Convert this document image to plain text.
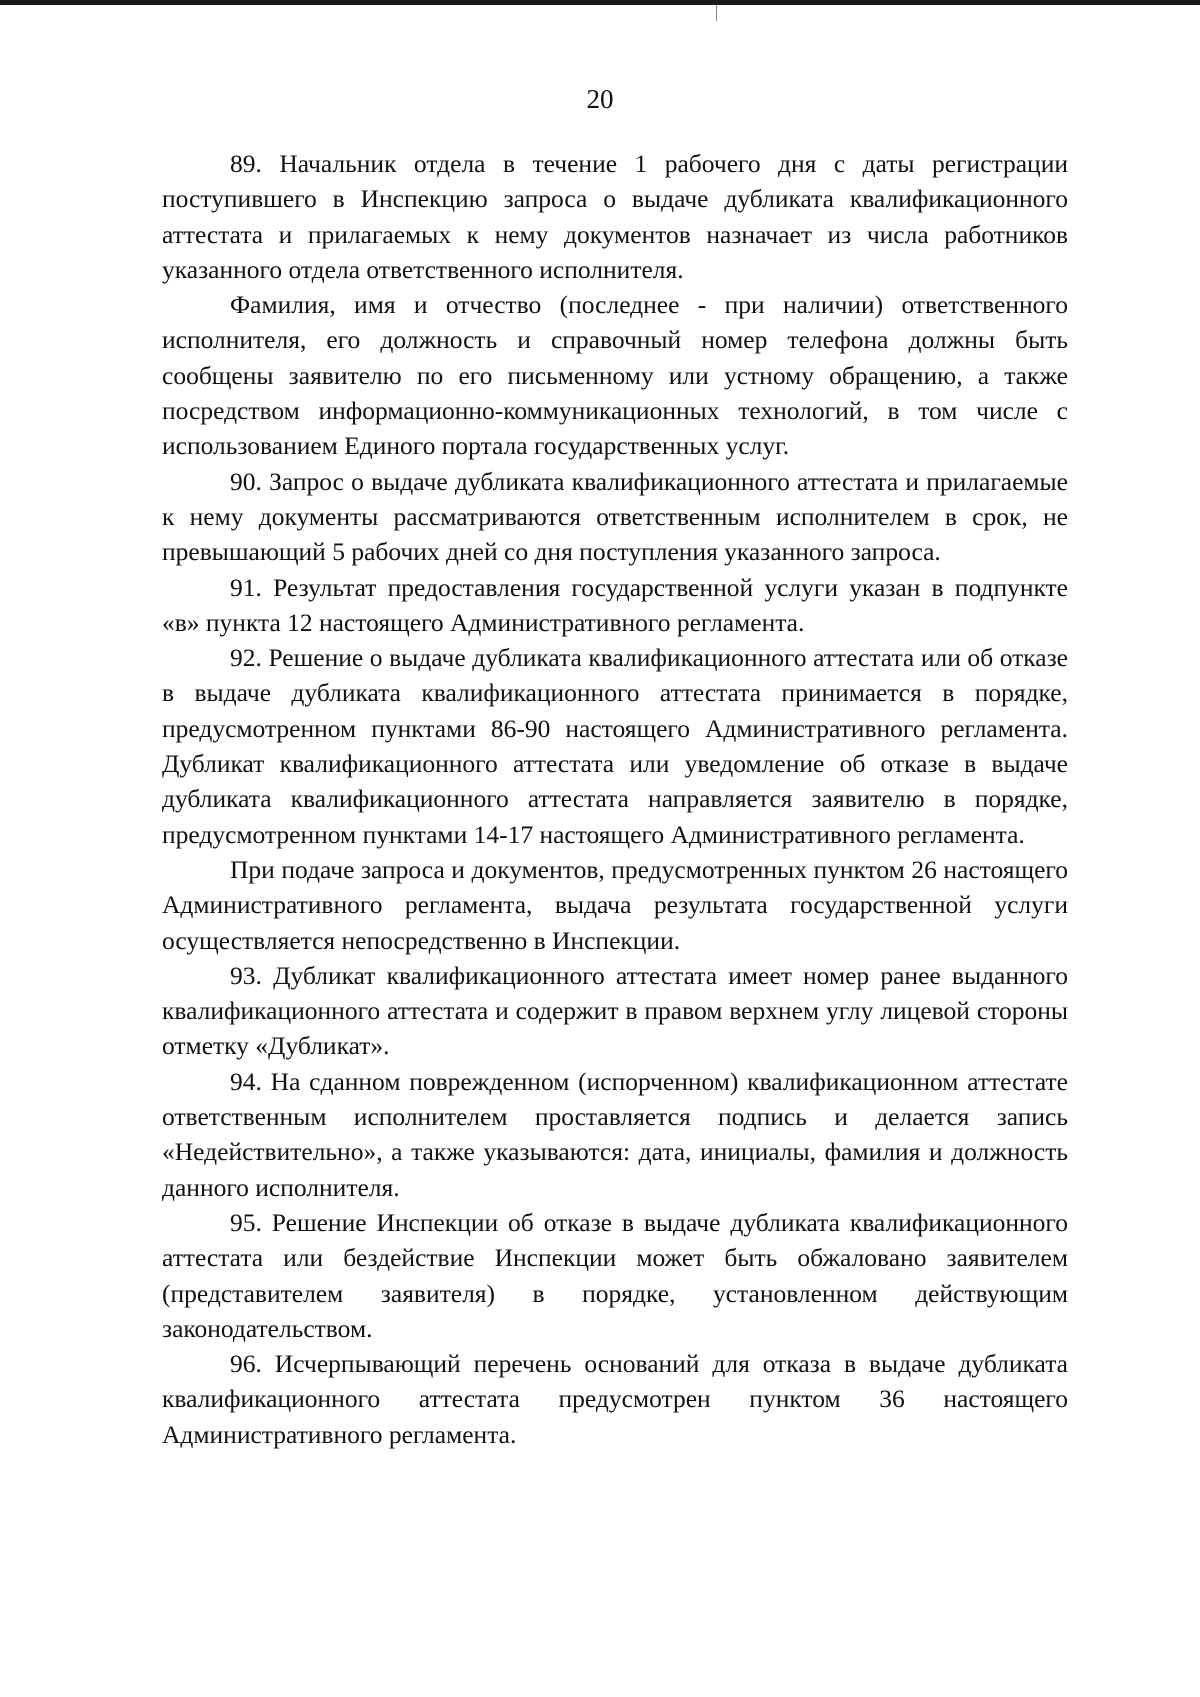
20

89. Начальник отдела в течение 1 рабочего дня с даты регистрации поступившего в Инспекцию запроса о выдаче дубликата квалификационного аттестата и прилагаемых к нему документов назначает из числа работников указанного отдела ответственного исполнителя.

Фамилия, имя и отчество (последнее - при наличии) ответственного исполнителя, его должность и справочный номер телефона должны быть сообщены заявителю по его письменному или устному обращению, а также посредством информационно-коммуникационных технологий, в том числе с использованием Единого портала государственных услуг.

90. Запрос о выдаче дубликата квалификационного аттестата и прилагаемые к нему документы рассматриваются ответственным исполнителем в срок, не превышающий 5 рабочих дней со дня поступления указанного запроса.

91. Результат предоставления государственной услуги указан в подпункте «в» пункта 12 настоящего Административного регламента.

92. Решение о выдаче дубликата квалификационного аттестата или об отказе в выдаче дубликата квалификационного аттестата принимается в порядке, предусмотренном пунктами 86-90 настоящего Административного регламента. Дубликат квалификационного аттестата или уведомление об отказе в выдаче дубликата квалификационного аттестата направляется заявителю в порядке, предусмотренном пунктами 14-17 настоящего Административного регламента.

При подаче запроса и документов, предусмотренных пунктом 26 настоящего Административного регламента, выдача результата государственной услуги осуществляется непосредственно в Инспекции.

93. Дубликат квалификационного аттестата имеет номер ранее выданного квалификационного аттестата и содержит в правом верхнем углу лицевой стороны отметку «Дубликат».

94. На сданном поврежденном (испорченном) квалификационном аттестате ответственным исполнителем проставляется подпись и делается запись «Недействительно», а также указываются: дата, инициалы, фамилия и должность данного исполнителя.

95. Решение Инспекции об отказе в выдаче дубликата квалификационного аттестата или бездействие Инспекции может быть обжаловано заявителем (представителем заявителя) в порядке, установленном действующим законодательством.

96. Исчерпывающий перечень оснований для отказа в выдаче дубликата квалификационного аттестата предусмотрен пунктом 36 настоящего Административного регламента.
